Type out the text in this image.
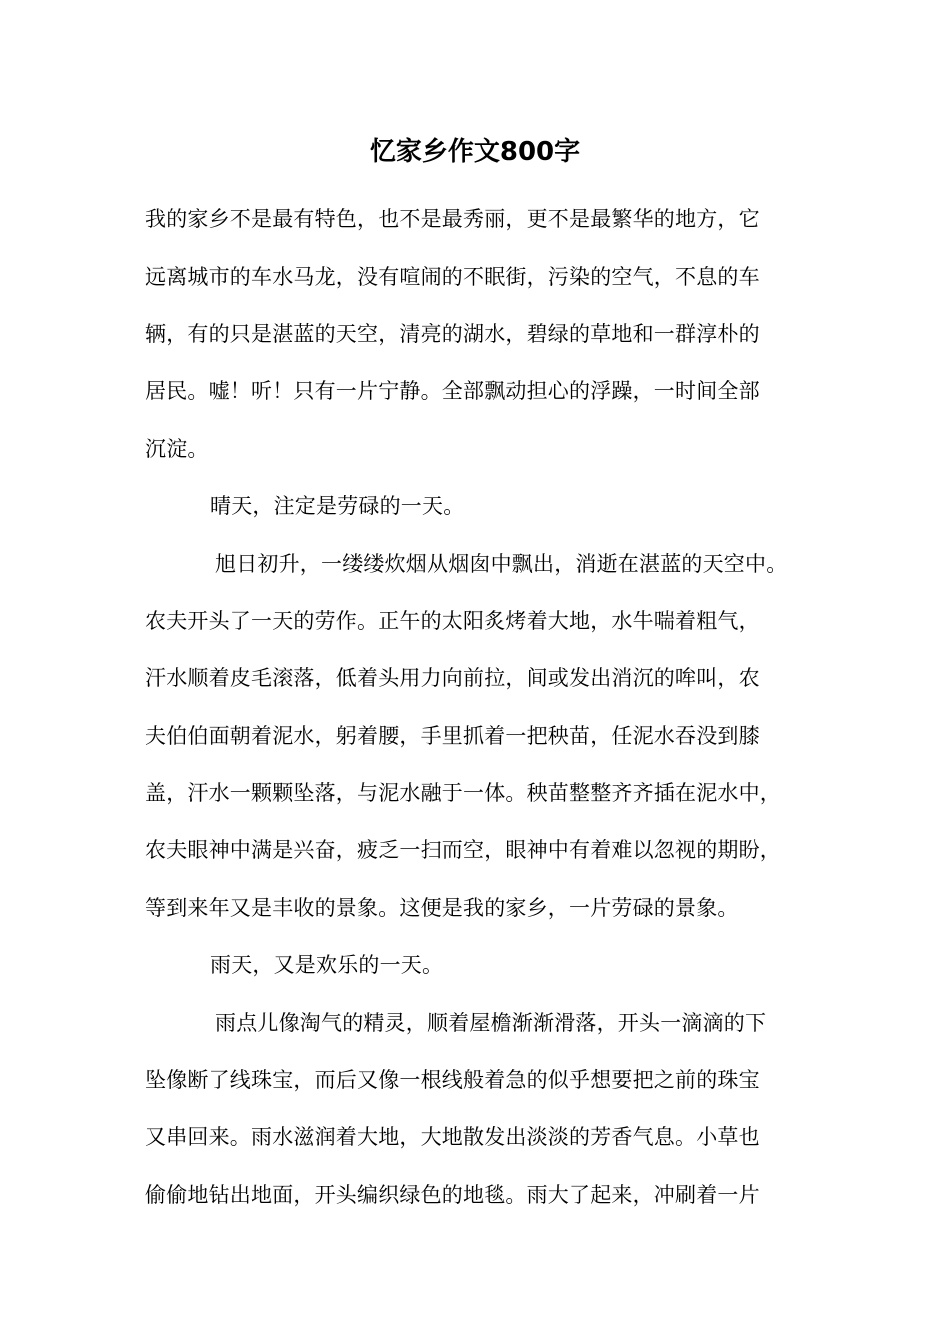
忆家乡作文800字
我的家乡不是最有特色，也不是最秀丽，更不是最繁华的地方，它
远离城市的车水马龙，没有喧闹的不眠街，污染的空气，不息的车
辆，有的只是湛蓝的天空，清亮的湖水，碧绿的草地和一群淳朴的
居民。嘘！听！只有一片宁静。全部飘动担心的浮躁，一时间全部
沉淀。
晴天，注定是劳碌的一天。
旭日初升，一缕缕炊烟从烟囱中飘出，消逝在湛蓝的天空中。
农夫开头了一天的劳作。正午的太阳炙烤着大地，水牛喘着粗气，
汗水顺着皮毛滚落，低着头用力向前拉，间或发出消沉的哞叫，农
夫伯伯面朝着泥水，躬着腰，手里抓着一把秧苗，任泥水吞没到膝
盖，汗水一颗颗坠落，与泥水融于一体。秧苗整整齐齐插在泥水中，
农夫眼神中满是兴奋，疲乏一扫而空，眼神中有着难以忽视的期盼，
等到来年又是丰收的景象。这便是我的家乡，一片劳碌的景象。
雨天，又是欢乐的一天。
雨点儿像淘气的精灵，顺着屋檐渐渐滑落，开头一滴滴的下
坠像断了线珠宝，而后又像一根线般着急的似乎想要把之前的珠宝
又串回来。雨水滋润着大地，大地散发出淡淡的芳香气息。小草也
偷偷地钻出地面，开头编织绿色的地毯。雨大了起来，冲刷着一片
